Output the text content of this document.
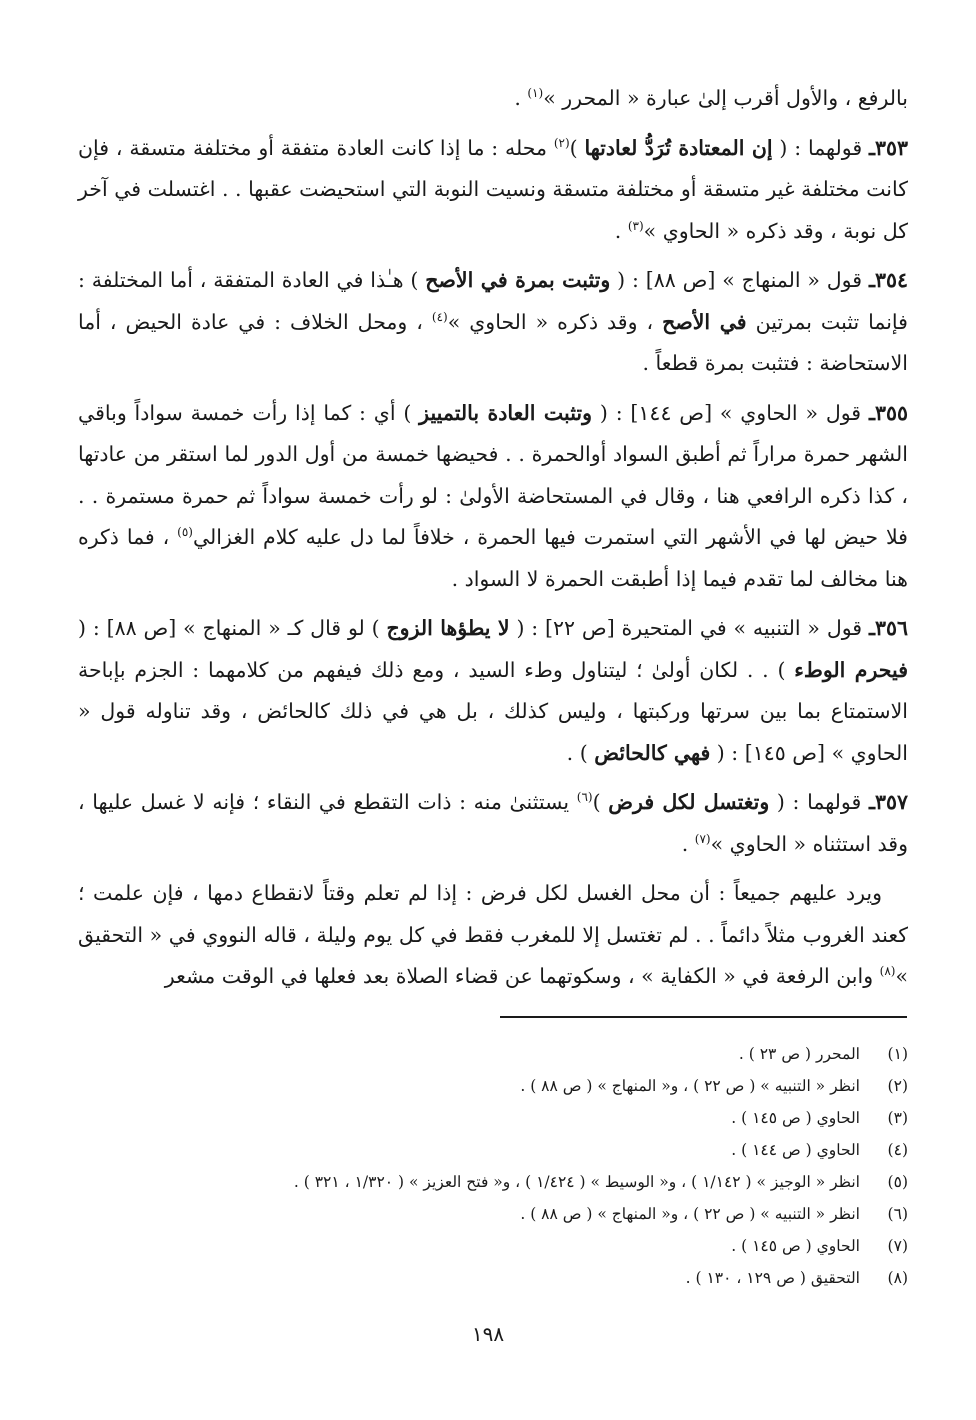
بالرفع ، والأول أقرب إلىٰ عبارة « المحرر »$^{(١)}$ .

٣٥٣ـ قولهما : ( إن المعتادة تُرَدُّ لعادتها )$^{(٢)}$ محله : ما إذا كانت العادة متفقة أو مختلفة متسقة ، فإن كانت مختلفة غير متسقة أو مختلفة متسقة ونسيت النوبة التي استحيضت عقبها . . اغتسلت في آخر كل نوبة ، وقد ذكره « الحاوي »$^{(٣)}$ .

٣٥٤ـ قول « المنهاج » [ص ٨٨] : ( وتثبت بمرة في الأصح ) هـٰذا في العادة المتفقة ، أما المختلفة : فإنما تثبت بمرتين في الأصح ، وقد ذكره « الحاوي »$^{(٤)}$ ، ومحل الخلاف : في عادة الحيض ، أما الاستحاضة : فتثبت بمرة قطعاً .

٣٥٥ـ قول « الحاوي » [ص ١٤٤] : ( وتثبت العادة بالتمييز ) أي : كما إذا رأت خمسة سواداً وباقي الشهر حمرة مراراً ثم أطبق السواد أوالحمرة . . فحيضها خمسة من أول الدور لما استقر من عادتها ، كذا ذكره الرافعي هنا ، وقال في المستحاضة الأولىٰ : لو رأت خمسة سواداً ثم حمرة مستمرة . . فلا حيض لها في الأشهر التي استمرت فيها الحمرة ، خلافاً لما دل عليه كلام الغزالي$^{(٥)}$ ، فما ذكره هنا مخالف لما تقدم فيما إذا أطبقت الحمرة لا السواد .

٣٥٦ـ قول « التنبيه » في المتحيرة [ص ٢٢] : ( لا يطؤها الزوج ) لو قال كـ « المنهاج » [ص ٨٨] : ( فيحرم الوطء ) . . لكان أولىٰ ؛ ليتناول وطء السيد ، ومع ذلك فيفهم من كلامهما : الجزم بإباحة الاستمتاع بما بين سرتها وركبتها ، وليس كذلك ، بل هي في ذلك كالحائض ، وقد تناوله قول « الحاوي » [ص ١٤٥] : ( فهي كالحائض ) .

٣٥٧ـ قولهما : ( وتغتسل لكل فرض )$^{(٦)}$ يستثنىٰ منه : ذات التقطع في النقاء ؛ فإنه لا غسل عليها ، وقد استثناه « الحاوي »$^{(٧)}$ .

ويرد عليهم جميعاً : أن محل الغسل لكل فرض : إذا لم تعلم وقتاً لانقطاع دمها ، فإن علمت ؛ كعند الغروب مثلاً دائماً . . لم تغتسل إلا للمغرب فقط في كل يوم وليلة ، قاله النووي في « التحقيق »$^{(٨)}$ وابن الرفعة في « الكفاية » ، وسكوتهما عن قضاء الصلاة بعد فعلها في الوقت مشعر

(١)
المحرر ( ص ٢٣ ) .
(٢)
انظر « التنبيه » ( ص ٢٢ ) ، و« المنهاج » ( ص ٨٨ ) .
(٣)
الحاوي ( ص ١٤٥ ) .
(٤)
الحاوي ( ص ١٤٤ ) .
(٥)
انظر « الوجيز » ( ١/١٤٢ ) ، و« الوسيط » ( ١/٤٢٤ ) ، و« فتح العزيز » ( ١/٣٢٠ ، ٣٢١ ) .
(٦)
انظر « التنبيه » ( ص ٢٢ ) ، و« المنهاج » ( ص ٨٨ ) .
(٧)
الحاوي ( ص ١٤٥ ) .
(٨)
التحقيق ( ص ١٢٩ ، ١٣٠ ) .
١٩٨
